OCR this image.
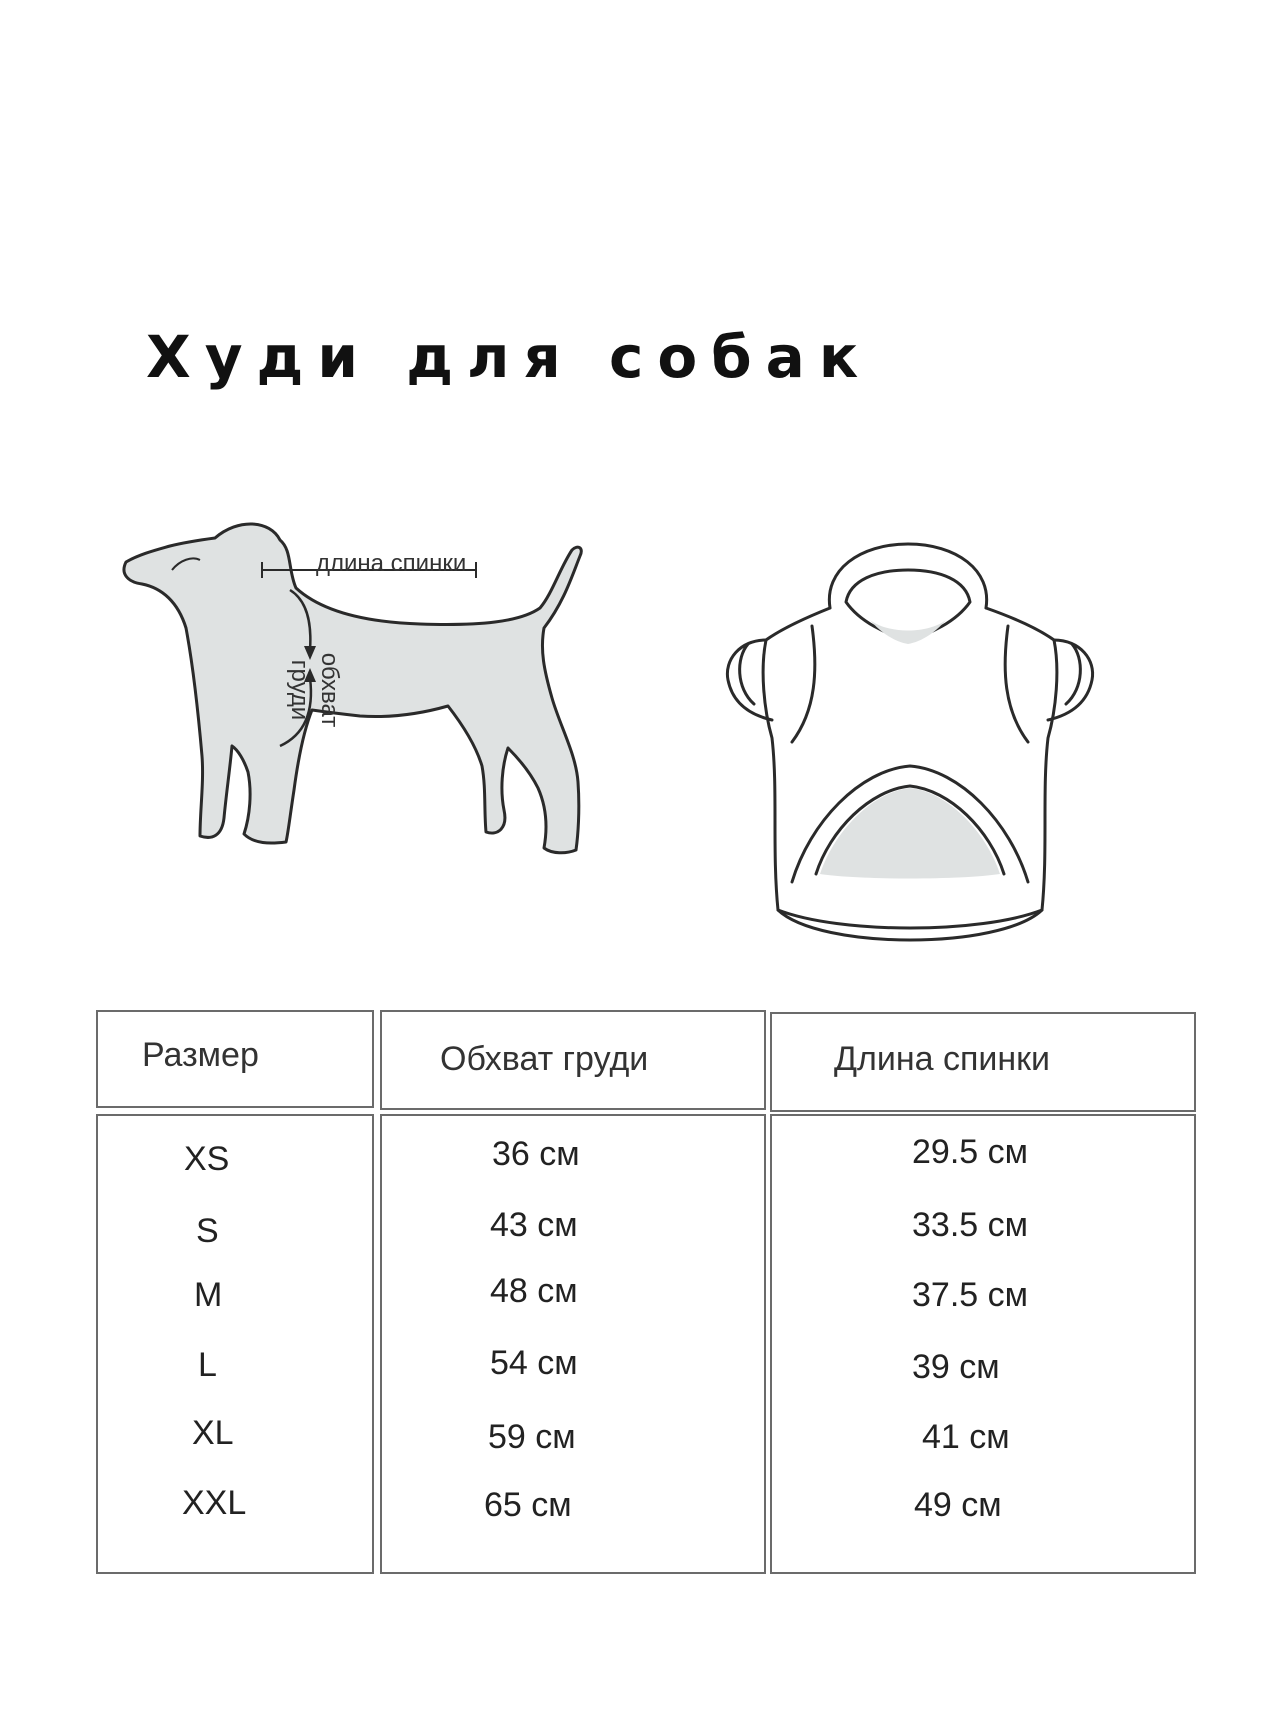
Худи для собак
длина спинки
обхват груди
Размер	Обхват груди	Длина спинки
XS	36 см	29.5 см
S	43 см	33.5 см
M	48 см	37.5 см
L	54 см	39 см
XL	59 см	41 см
XXL	65 см	49 см
